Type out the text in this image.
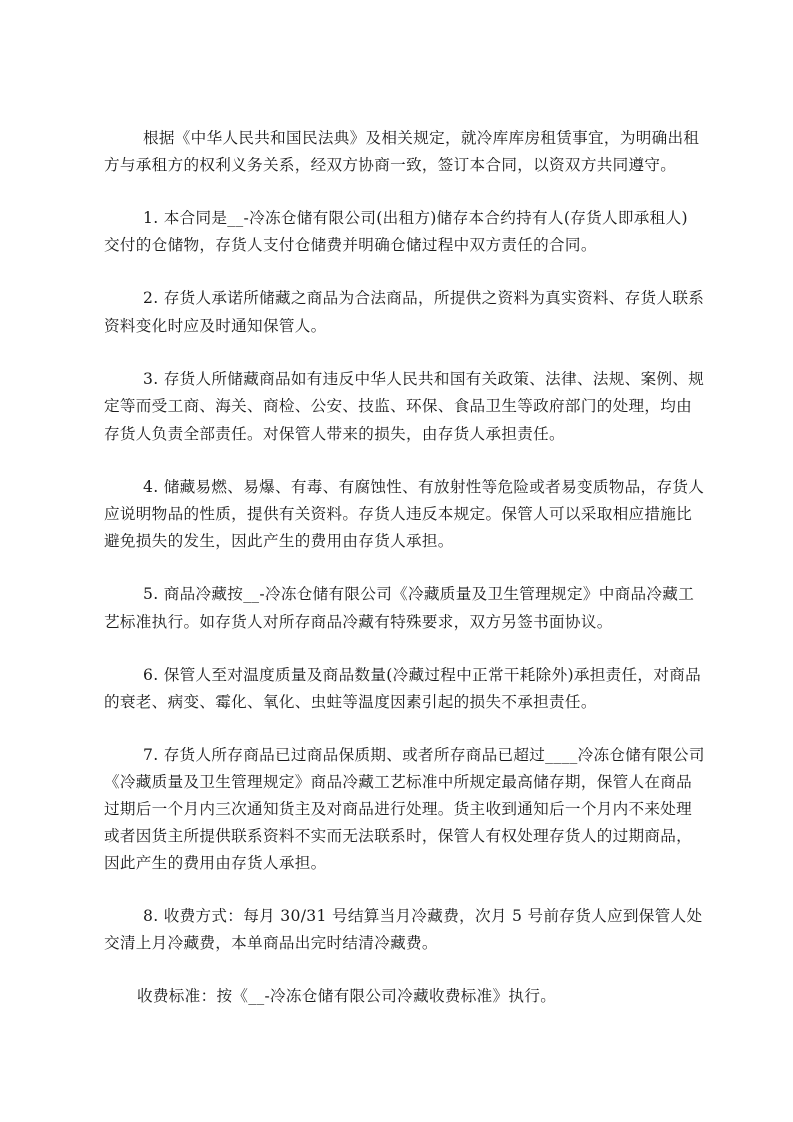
根据《中华人民共和国民法典》及相关规定，就冷库库房租赁事宜，为明确出租
方与承租方的权利义务关系，经双方协商一致，签订本合同，以资双方共同遵守。
1. 本合同是__-冷冻仓储有限公司(出租方)储存本合约持有人(存货人即承租人)
交付的仓储物，存货人支付仓储费并明确仓储过程中双方责任的合同。
2. 存货人承诺所储藏之商品为合法商品，所提供之资料为真实资料、存货人联系
资料变化时应及时通知保管人。
3. 存货人所储藏商品如有违反中华人民共和国有关政策、法律、法规、案例、规
定等而受工商、海关、商检、公安、技监、环保、食品卫生等政府部门的处理，均由
存货人负责全部责任。对保管人带来的损失，由存货人承担责任。
4. 储藏易燃、易爆、有毒、有腐蚀性、有放射性等危险或者易变质物品，存货人
应说明物品的性质，提供有关资料。存货人违反本规定。保管人可以采取相应措施比
避免损失的发生，因此产生的费用由存货人承担。
5. 商品冷藏按__-冷冻仓储有限公司《冷藏质量及卫生管理规定》中商品冷藏工
艺标准执行。如存货人对所存商品冷藏有特殊要求，双方另签书面协议。
6. 保管人至对温度质量及商品数量(冷藏过程中正常干耗除外)承担责任，对商品
的衰老、病变、霉化、氧化、虫蛀等温度因素引起的损失不承担责任。
7. 存货人所存商品已过商品保质期、或者所存商品已超过____冷冻仓储有限公司
《冷藏质量及卫生管理规定》商品冷藏工艺标准中所规定最高储存期，保管人在商品
过期后一个月内三次通知货主及对商品进行处理。货主收到通知后一个月内不来处理
或者因货主所提供联系资料不实而无法联系时，保管人有权处理存货人的过期商品，
因此产生的费用由存货人承担。
8. 收费方式：每月 30/31 号结算当月冷藏费，次月 5 号前存货人应到保管人处
交清上月冷藏费，本单商品出完时结清冷藏费。
收费标准：按《__-冷冻仓储有限公司冷藏收费标准》执行。
